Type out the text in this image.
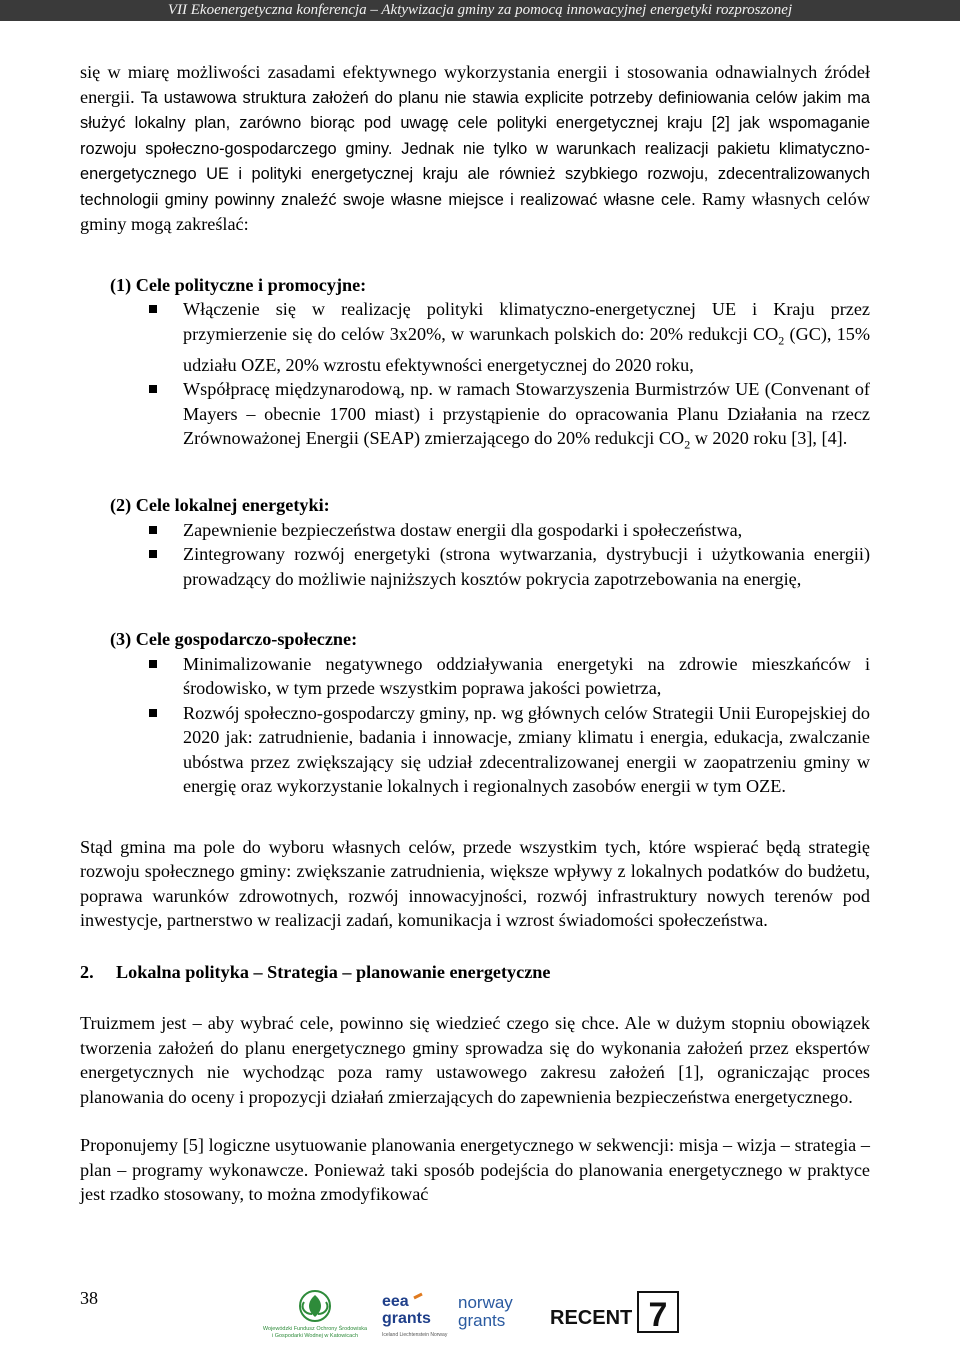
VII Ekoenergetyczna konferencja – Aktywizacja gminy za pomocą innowacyjnej energetyki rozproszonej

się w miarę możliwości zasadami efektywnego wykorzystania energii i stosowania odnawialnych źródeł energii. Ta ustawowa struktura założeń do planu nie stawia explicite potrzeby definiowania celów jakim ma służyć lokalny plan, zarówno biorąc pod uwagę cele polityki energetycznej kraju [2] jak wspomaganie rozwoju społeczno-gospodarczego gminy. Jednak nie tylko w warunkach realizacji pakietu klimatyczno-energetycznego UE i polityki energetycznej kraju ale również szybkiego rozwoju, zdecentralizowanych technologii gminy powinny znaleźć swoje własne miejsce i realizować własne cele. Ramy własnych celów gminy mogą zakreślać:

(1) Cele polityczne i promocyjne:

Włączenie się w realizację polityki klimatyczno-energetycznej UE i Kraju przez przymierzenie się do celów 3x20%, w warunkach polskich do: 20% redukcji $CO_2$ (GC), 15% udziału OZE, 20% wzrostu efektywności energetycznej do 2020 roku,
Współpracę międzynarodową, np. w ramach Stowarzyszenia Burmistrzów UE (Convenant of Mayers – obecnie 1700 miast) i przystąpienie do opracowania Planu Działania na rzecz Zrównoważonej Energii (SEAP) zmierzającego do 20% redukcji $CO_2$ w 2020 roku [3], [4].

(2) Cele lokalnej energetyki:

Zapewnienie bezpieczeństwa dostaw energii dla gospodarki i społeczeństwa,
Zintegrowany rozwój energetyki (strona wytwarzania, dystrybucji i użytkowania energii) prowadzący do możliwie najniższych kosztów pokrycia zapotrzebowania na energię,

(3) Cele gospodarczo-społeczne:

Minimalizowanie negatywnego oddziaływania energetyki na zdrowie mieszkańców i środowisko, w tym przede wszystkim poprawa jakości powietrza,
Rozwój społeczno-gospodarczy gminy, np. wg głównych celów Strategii Unii Europejskiej do 2020 jak: zatrudnienie, badania i innowacje, zmiany klimatu i energia, edukacja, zwalczanie ubóstwa przez zwiększający się udział zdecentralizowanej energii w zaopatrzeniu gminy w energię oraz wykorzystanie lokalnych i regionalnych zasobów energii w tym OZE.

Stąd gmina ma pole do wyboru własnych celów, przede wszystkim tych, które wspierać będą strategię rozwoju społecznego gminy: zwiększanie zatrudnienia, większe wpływy z lokalnych podatków do budżetu, poprawa warunków zdrowotnych, rozwój innowacyjności, rozwój infrastruktury nowych terenów pod inwestycje, partnerstwo w realizacji zadań, komunikacja i wzrost świadomości społeczeństwa.

2.	Lokalna polityka – Strategia – planowanie energetyczne

Truizmem jest – aby wybrać cele, powinno się wiedzieć czego się chce. Ale w dużym stopniu obowiązek tworzenia założeń do planu energetycznego gminy sprowadza się do wykonania założeń przez ekspertów energetycznych nie wychodząc poza ramy ustawowego zakresu założeń [1], ograniczając proces planowania do oceny i propozycji działań zmierzających do zapewnienia bezpieczeństwa energetycznego.

Proponujemy [5] logiczne usytuowanie planowania energetycznego w sekwencji: misja – wizja – strategia – plan – programy wykonawcze. Ponieważ taki sposób podejścia do planowania energetycznego w praktyce jest rzadko stosowany, to można zmodyfikować

38
Wojewódzki Fundusz Ochrony Środowiska
i Gospodarki Wodnej w Katowicach
eea
grants
Iceland Liechtenstein Norway
norway
grants RECENT 7
